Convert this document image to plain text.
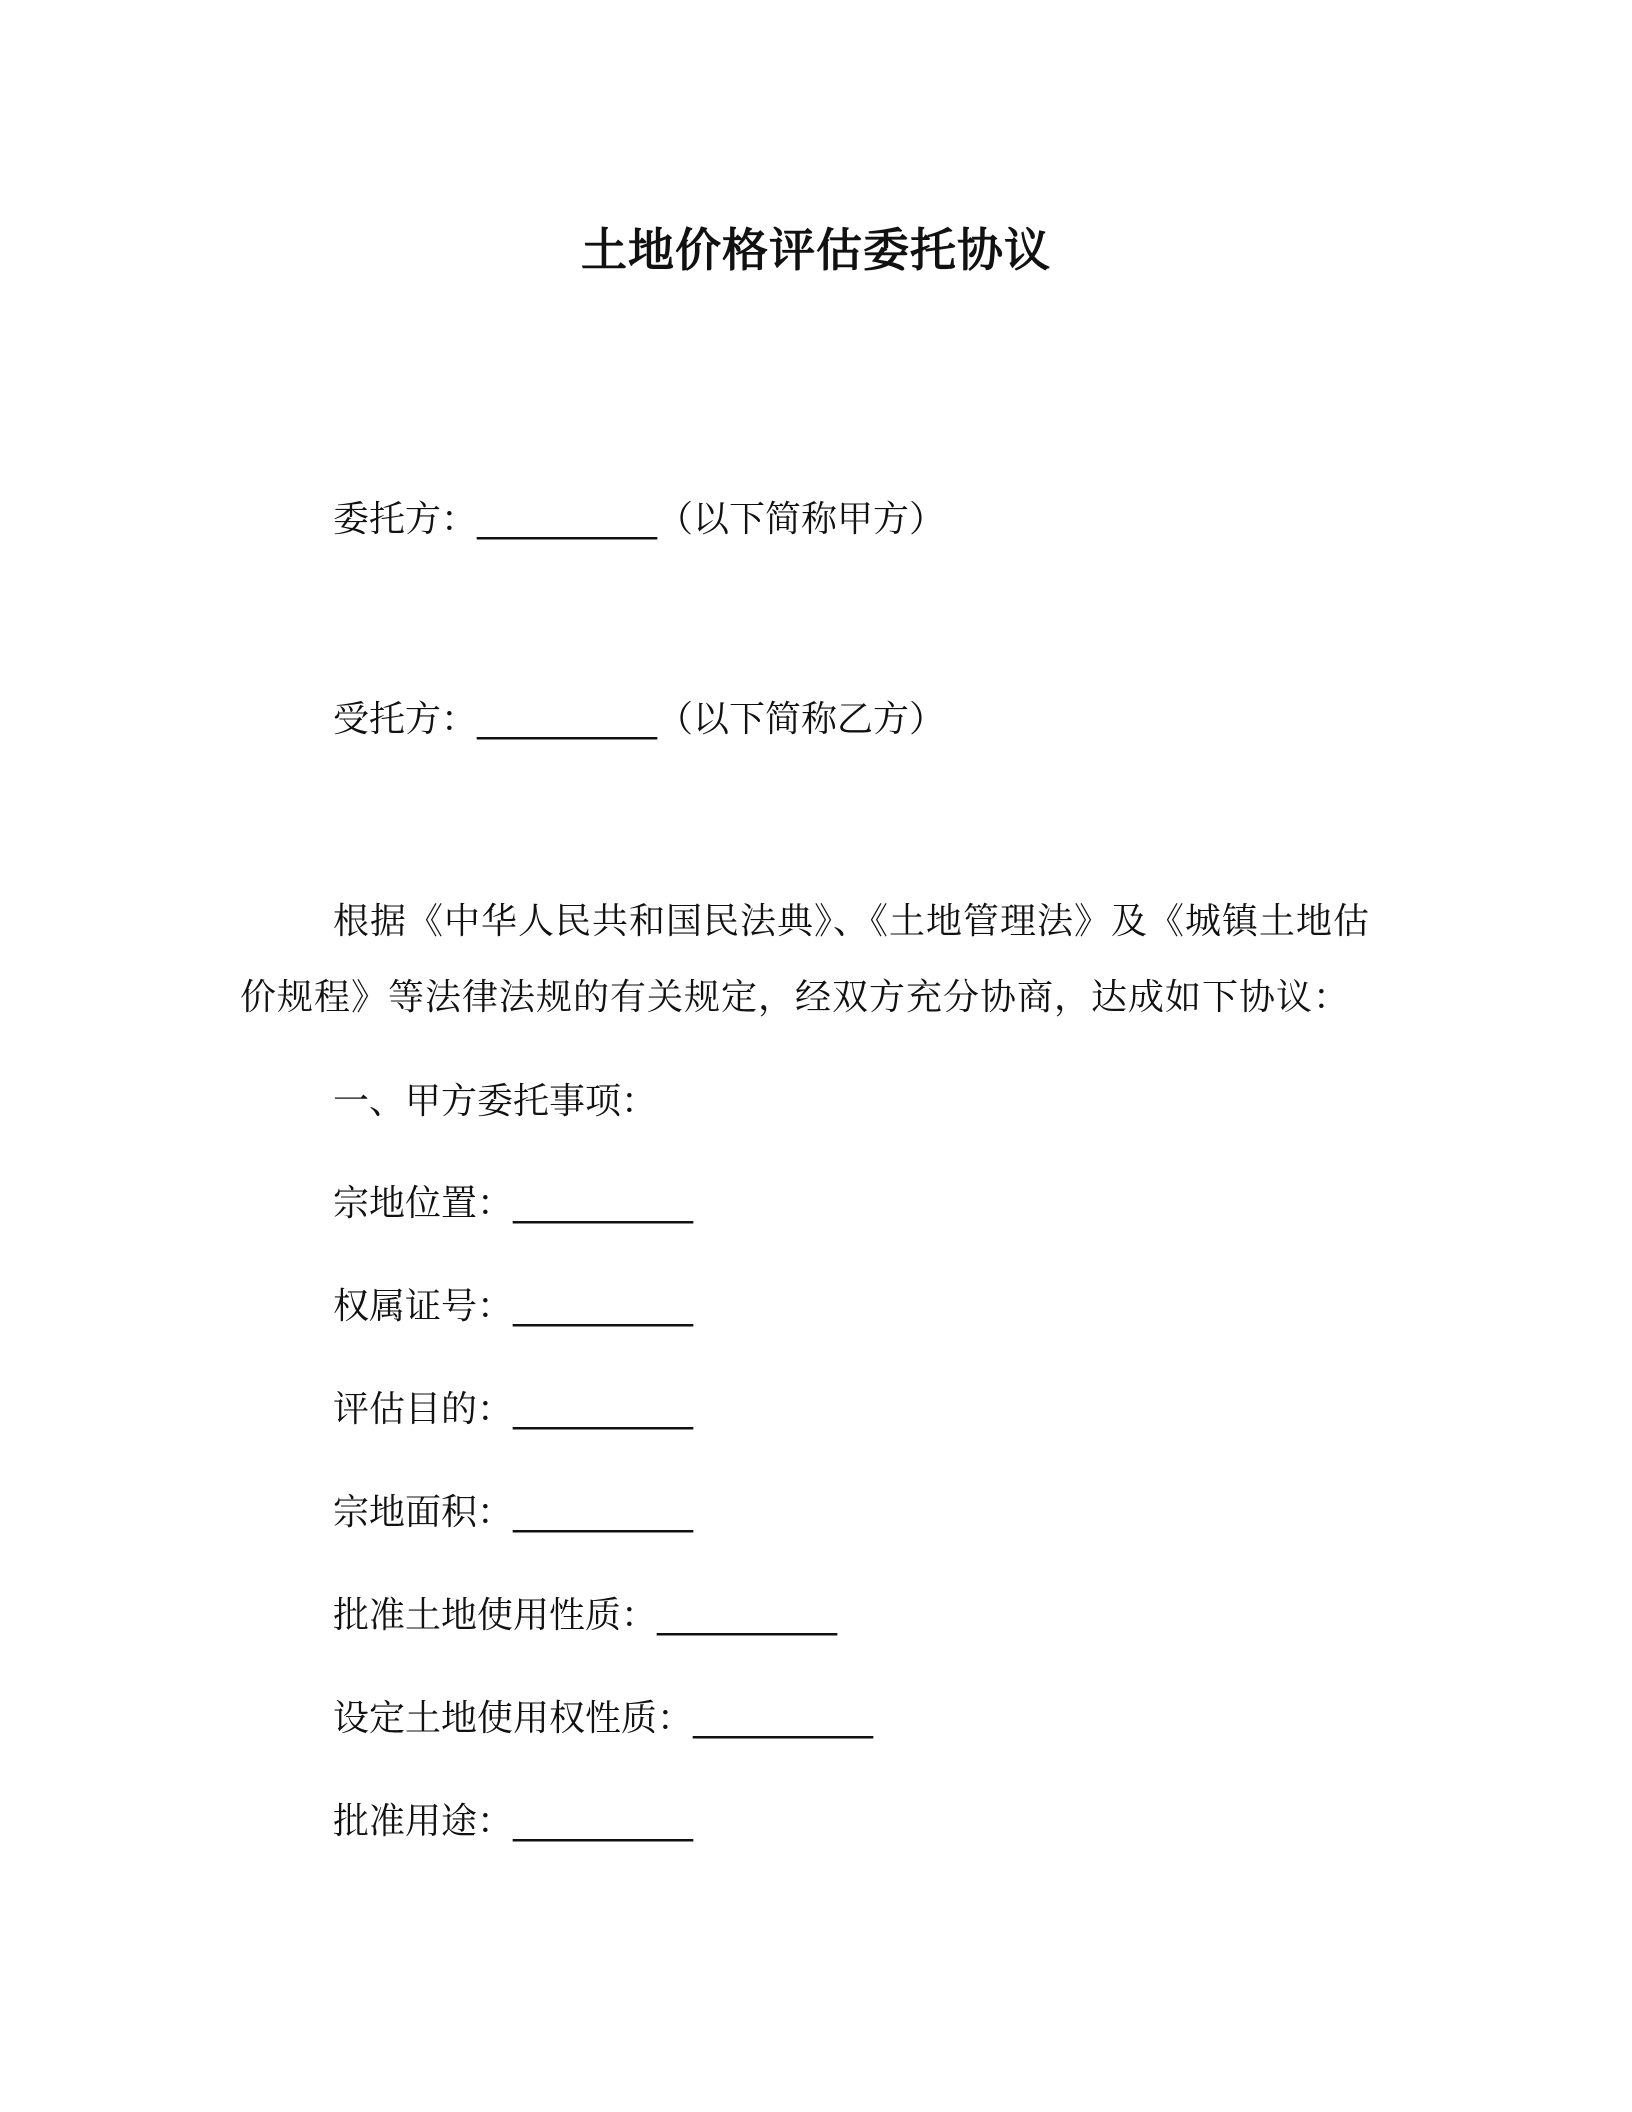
土地价格评估委托协议
委托方：__________（以下简称甲方）
受托方：__________（以下简称乙方）
根据《中华人民共和国民法典》、《土地管理法》及《城镇土地估价规程》等法律法规的有关规定，经双方充分协商，达成如下协议：
一、甲方委托事项：
宗地位置：__________
权属证号：__________
评估目的：__________
宗地面积：__________
批准土地使用性质：__________
设定土地使用权性质：__________
批准用途：__________
